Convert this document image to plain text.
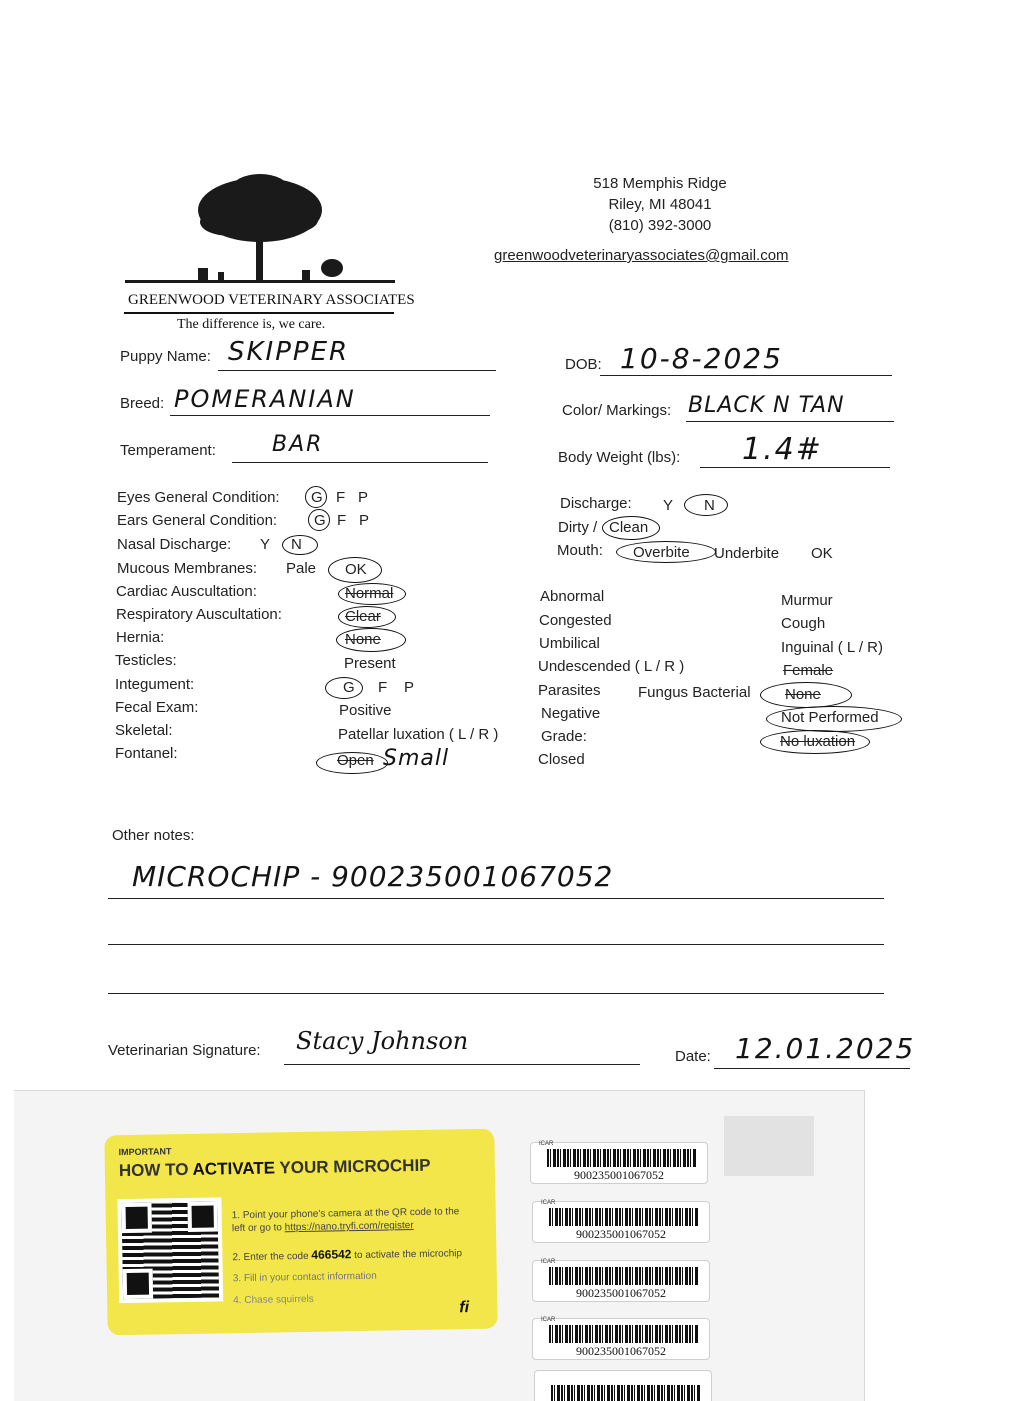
GREENWOOD VETERINARY ASSOCIATES
The difference is, we care.
518 Memphis Ridge
Riley, MI 48041
(810) 392-3000
greenwoodveterinaryassociates@gmail.com
Puppy Name: SKIPPER
Breed: POMERANIAN
Temperament:	BAR
DOB: 10-8-2025
Color/ Markings: BLACK N TAN
Body Weight (lbs): 1.4#
Eyes General Condition: G F P
Ears General Condition: G F P
Nasal Discharge: Y N
Mucous Membranes: Pale OK
Cardiac Auscultation:
Respiratory Auscultation:
Hernia:
Testicles:
Integument:
Fecal Exam:
Skeletal:
Fontanel:
Normal
Clear
None
Present
G F P
Positive
Patellar luxation ( L / R )
Open Small
Discharge: Y N
Dirty / Clean
Mouth: Overbite Underbite OK
Abnormal
Congested
Umbilical
Undescended ( L / R )
Parasites Fungus Bacterial
Negative
Grade:
Closed
Murmur
Cough
Inguinal ( L / R)
Female
None
Not Performed
No luxation
Other notes:
MICROCHIP - 900235001067052
Veterinarian Signature: Stacy Johnson
Date: 12.01.2025
IMPORTANT
HOW TO ACTIVATE YOUR MICROCHIP
1. Point your phone's camera at the QR code to the left or go to https://nano.tryfi.com/register
2. Enter the code 466542 to activate the microchip
3. Fill in your contact information
4. Chase squirrels	fi
ICAR
900235001067052
ICAR
900235001067052
ICAR
900235001067052
ICAR
900235001067052
